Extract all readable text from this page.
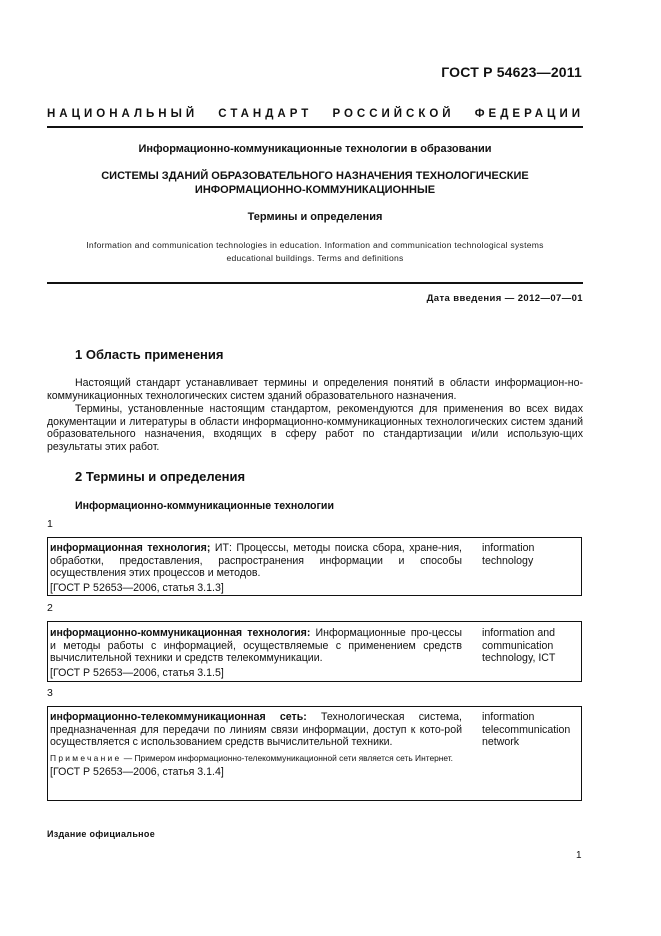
ГОСТ Р 54623—2011
НАЦИОНАЛЬНЫЙ СТАНДАРТ РОССИЙСКОЙ ФЕДЕРАЦИИ
Информационно-коммуникационные технологии в образовании
СИСТЕМЫ ЗДАНИЙ ОБРАЗОВАТЕЛЬНОГО НАЗНАЧЕНИЯ ТЕХНОЛОГИЧЕСКИЕ
ИНФОРМАЦИОННО-КОММУНИКАЦИОННЫЕ
Термины и определения
Information and communication technologies in education. Information and communication technological systems
educational buildings. Terms and definitions
Дата введения — 2012—07—01
1 Область применения
Настоящий стандарт устанавливает термины и определения понятий в области информацион-но-коммуникационных технологических систем зданий образовательного назначения.
Термины, установленные настоящим стандартом, рекомендуются для применения во всех видах документации и литературы в области информационно-коммуникационных технологических систем зданий образовательного назначения, входящих в сферу работ по стандартизации и/или использую-щих результаты этих работ.
2 Термины и определения
Информационно-коммуникационные технологии
1
информационная технология; ИТ: Процессы, методы поиска сбора, хране-ния, обработки, предоставления, распространения информации и способы осуществления этих процессов и методов.
[ГОСТ Р 52653—2006, статья 3.1.3]
information
technology
2
информационно-коммуникационная технология: Информационные про-цессы и методы работы с информацией, осуществляемые с применением средств вычислительной техники и средств телекоммуникации.
[ГОСТ Р 52653—2006, статья 3.1.5]
information and
communication
technology, ICT
3
информационно-телекоммуникационная сеть: Технологическая система, предназначенная для передачи по линиям связи информации, доступ к кото-рой осуществляется с использованием средств вычислительной техники.
Примечание — Примером информационно-телекоммуникационной сети является сеть Интернет.
[ГОСТ Р 52653—2006, статья 3.1.4]
information
telecommunication
network
Издание официальное
1
